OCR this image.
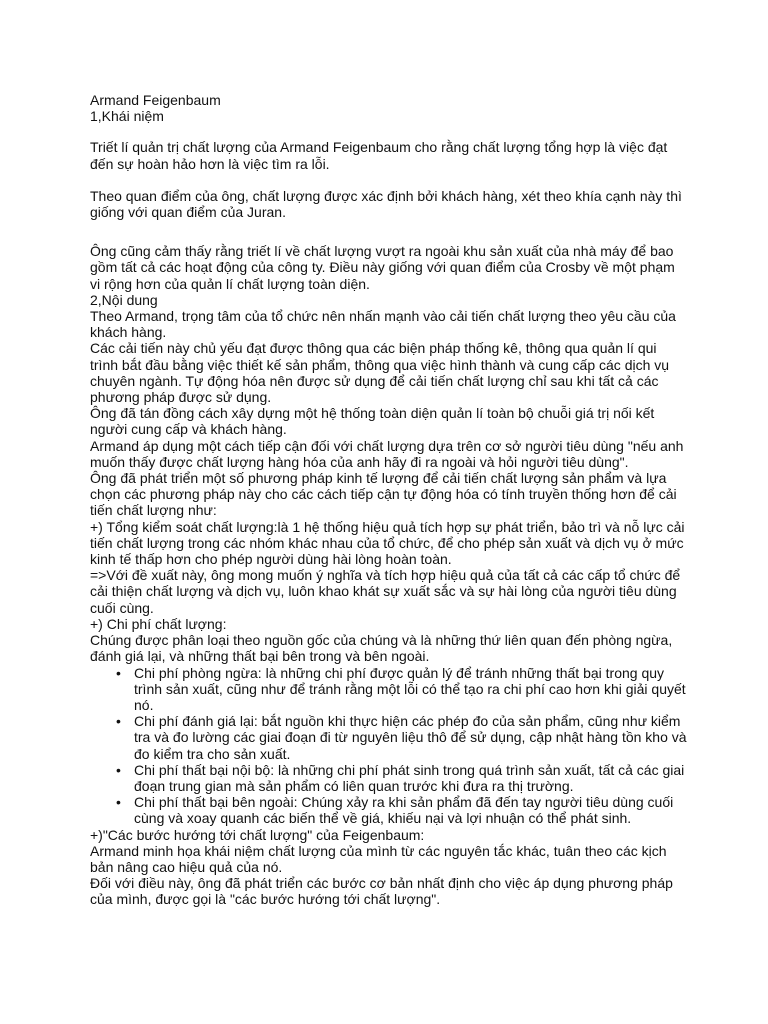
Armand Feigenbaum

1,Khái niệm

Triết lí quản trị chất lượng của Armand Feigenbaum cho rằng chất lượng tổng hợp là việc đạt đến sự hoàn hảo hơn là việc tìm ra lỗi.

Theo quan điểm của ông, chất lượng được xác định bởi khách hàng, xét theo khía cạnh này thì giống với quan điểm của Juran.

Ông cũng cảm thấy rằng triết lí về chất lượng vượt ra ngoài khu sản xuất của nhà máy để bao gồm tất cả các hoạt động của công ty. Điều này giống với quan điểm của Crosby về một phạm vi rộng hơn của quản lí chất lượng toàn diện.

2,Nội dung

Theo Armand, trọng tâm của tổ chức nên nhấn mạnh vào cải tiến chất lượng theo yêu cầu của khách hàng.

Các cải tiến này chủ yếu đạt được thông qua các biện pháp thống kê, thông qua quản lí qui trình bắt đầu bằng việc thiết kế sản phẩm, thông qua việc hình thành và cung cấp các dịch vụ chuyên ngành. Tự động hóa nên được sử dụng để cải tiến chất lượng chỉ sau khi tất cả các phương pháp được sử dụng.

Ông đã tán đồng cách xây dựng một hệ thống toàn diện quản lí toàn bộ chuỗi giá trị nối kết người cung cấp và khách hàng.

Armand áp dụng một cách tiếp cận đối với chất lượng dựa trên cơ sở người tiêu dùng "nếu anh muốn thấy được chất lượng hàng hóa của anh hãy đi ra ngoài và hỏi người tiêu dùng".

Ông đã phát triển một số phương pháp kinh tế lượng để cải tiến chất lượng sản phẩm và lựa chọn các phương pháp này cho các cách tiếp cận tự động hóa có tính truyền thống hơn để cải tiến chất lượng như:

+) Tổng kiểm soát chất lượng:là 1 hệ thống hiệu quả tích hợp sự phát triển, bảo trì và nỗ lực cải tiến chất lượng trong các nhóm khác nhau của tổ chức, để cho phép sản xuất và dịch vụ ở mức kinh tế thấp hơn cho phép người dùng hài lòng hoàn toàn.

=>Với đề xuất này, ông mong muốn ý nghĩa và tích hợp hiệu quả của tất cả các cấp tổ chức để cải thiện chất lượng và dịch vụ, luôn khao khát sự xuất sắc và sự hài lòng của người tiêu dùng cuối cùng.

+) Chi phí chất lượng:

Chúng được phân loại theo nguồn gốc của chúng và là những thứ liên quan đến phòng ngừa, đánh giá lại, và những thất bại bên trong và bên ngoài.

• Chi phí phòng ngừa: là những chi phí được quản lý để tránh những thất bại trong quy trình sản xuất, cũng như để tránh rằng một lỗi có thể tạo ra chi phí cao hơn khi giải quyết nó.
• Chi phí đánh giá lại: bắt nguồn khi thực hiện các phép đo của sản phẩm, cũng như kiểm tra và đo lường các giai đoạn đi từ nguyên liệu thô để sử dụng, cập nhật hàng tồn kho và đo kiểm tra cho sản xuất.
• Chi phí thất bại nội bộ: là những chi phí phát sinh trong quá trình sản xuất, tất cả các giai đoạn trung gian mà sản phẩm có liên quan trước khi đưa ra thị trường.
• Chi phí thất bại bên ngoài: Chúng xảy ra khi sản phẩm đã đến tay người tiêu dùng cuối cùng và xoay quanh các biến thể về giá, khiếu nại và lợi nhuận có thể phát sinh.

+)"Các bước hướng tới chất lượng" của Feigenbaum:

Armand minh họa khái niệm chất lượng của mình từ các nguyên tắc khác, tuân theo các kịch bản nâng cao hiệu quả của nó.

Đối với điều này, ông đã phát triển các bước cơ bản nhất định cho việc áp dụng phương pháp của mình, được gọi là "các bước hướng tới chất lượng".
